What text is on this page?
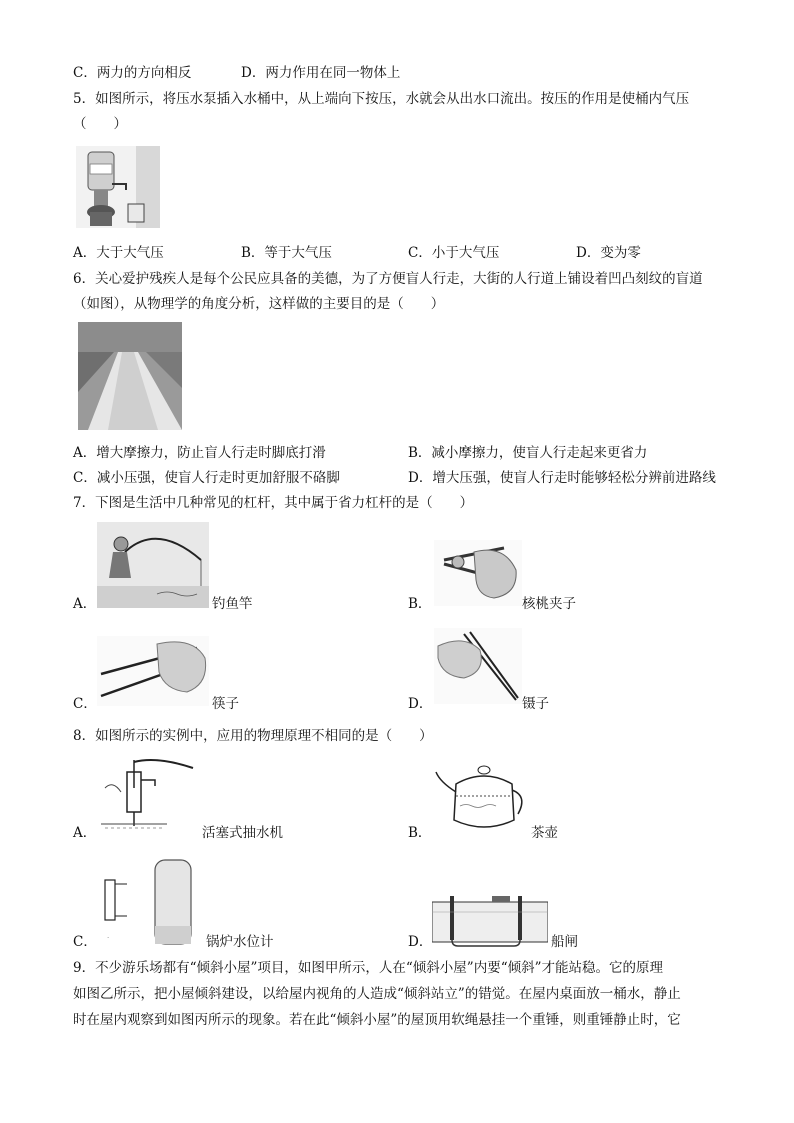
C．两力的方向相反	D．两力作用在同一物体上
5．如图所示，将压水泵插入水桶中，从上端向下按压，水就会从出水口流出。按压的作用是使桶内气压
（　　）
A．大于大气压	B．等于大气压	C．小于大气压	D．变为零
6．关心爱护残疾人是每个公民应具备的美德，为了方便盲人行走，大街的人行道上铺设着凹凸刻纹的盲道
（如图），从物理学的角度分析，这样做的主要目的是（　　）
A．增大摩擦力，防止盲人行走时脚底打滑	B．减小摩擦力，使盲人行走起来更省力
C．减小压强，使盲人行走时更加舒服不硌脚	D．增大压强，使盲人行走时能够轻松分辨前进路线
7．下图是生活中几种常见的杠杆，其中属于省力杠杆的是（　　）
A．	钓鱼竿	B．	核桃夹子
C．	筷子	D．	镊子
8．如图所示的实例中，应用的物理原理不相同的是（　　）
A．	活塞式抽水机	B．	茶壶
C． .	锅炉水位计	D．	船闸
9．不少游乐场都有“倾斜小屋”项目，如图甲所示，人在“倾斜小屋”内要“倾斜”才能站稳。它的原理
如图乙所示，把小屋倾斜建设，以给屋内视角的人造成“倾斜站立”的错觉。在屋内桌面放一桶水，静止
时在屋内观察到如图丙所示的现象。若在此“倾斜小屋”的屋顶用软绳悬挂一个重锤，则重锤静止时，它
